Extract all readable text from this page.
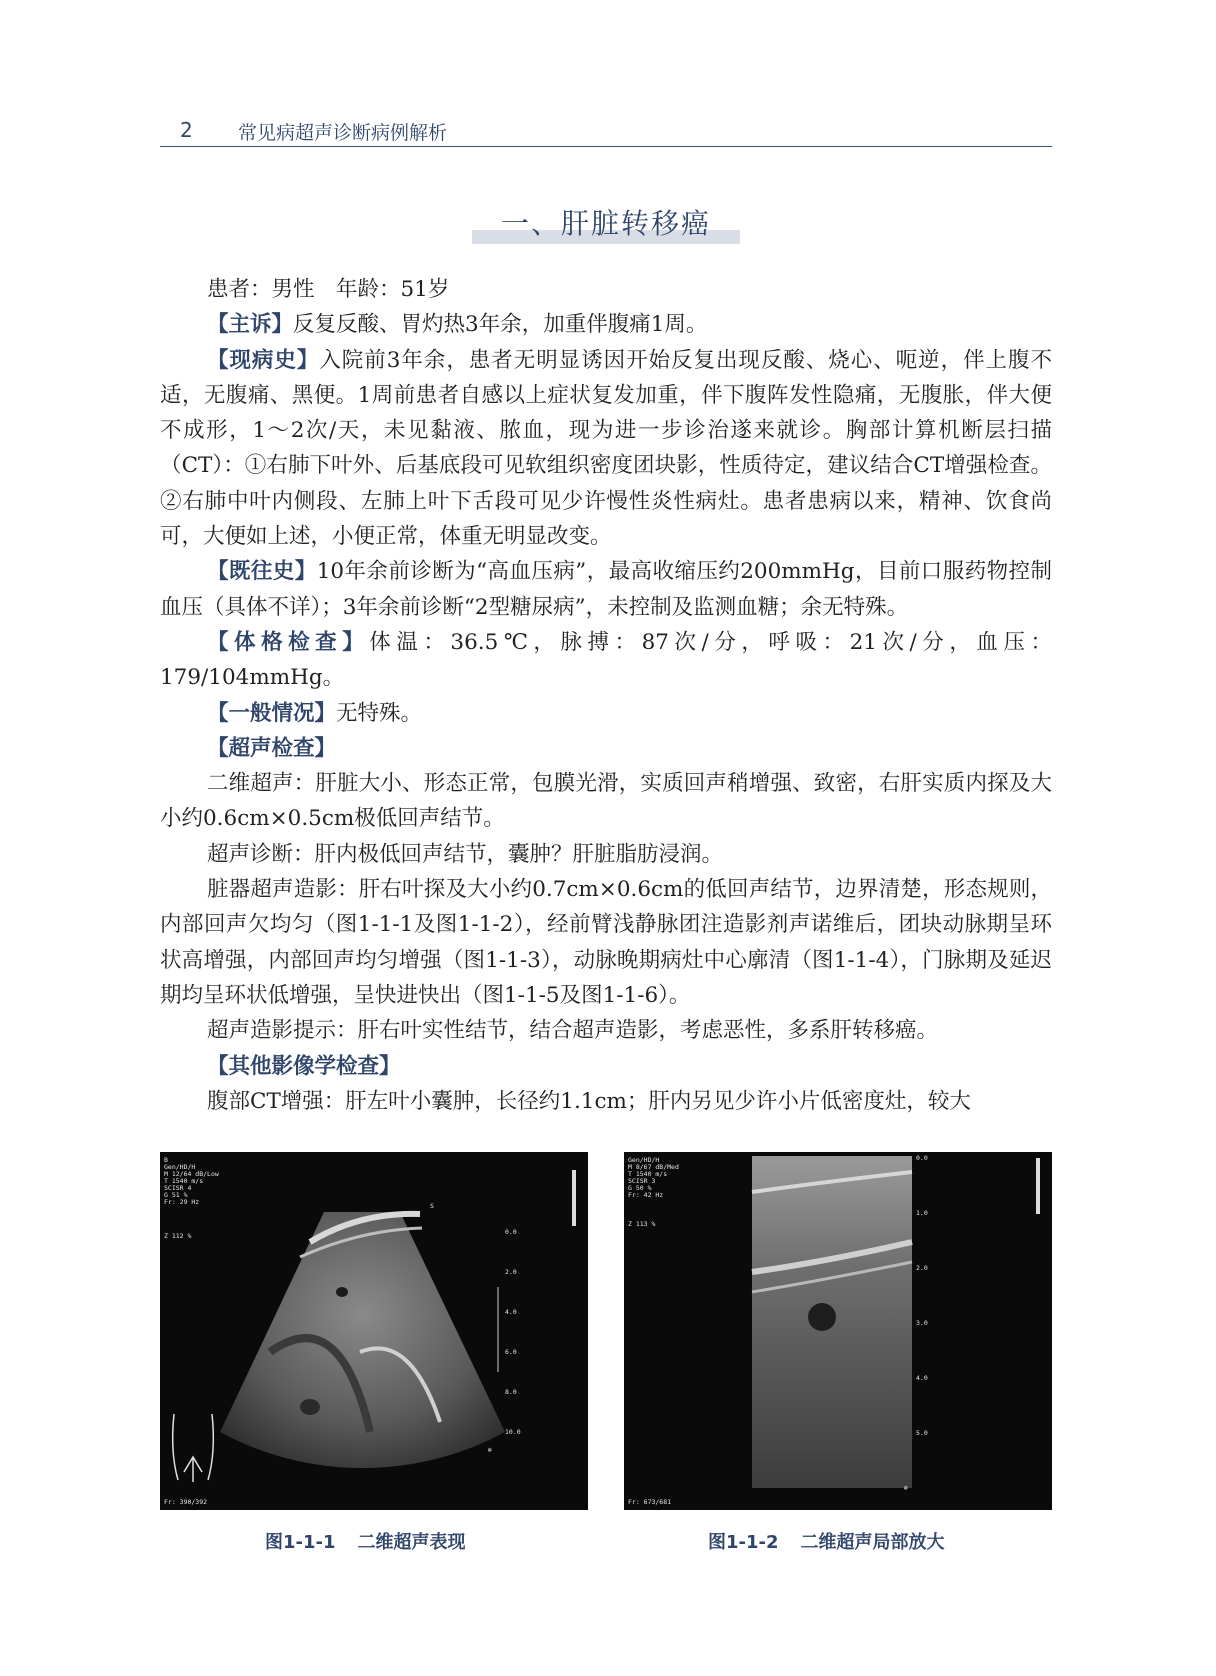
2 常见病超声诊断病例解析
一、肝脏转移癌

患者：男性　年龄：51岁

【主诉】反复反酸、胃灼热3年余，加重伴腹痛1周。

【现病史】入院前3年余，患者无明显诱因开始反复出现反酸、烧心、呃逆，伴上腹不适，无腹痛、黑便。1周前患者自感以上症状复发加重，伴下腹阵发性隐痛，无腹胀，伴大便不成形，1～2次/天，未见黏液、脓血，现为进一步诊治遂来就诊。胸部计算机断层扫描（CT）：①右肺下叶外、后基底段可见软组织密度团块影，性质待定，建议结合CT增强检查。②右肺中叶内侧段、左肺上叶下舌段可见少许慢性炎性病灶。患者患病以来，精神、饮食尚可，大便如上述，小便正常，体重无明显改变。

【既往史】10年余前诊断为“高血压病”，最高收缩压约200mmHg，目前口服药物控制血压（具体不详）；3年余前诊断“2型糖尿病”，未控制及监测血糖；余无特殊。

【体格检查】体温：36.5℃，脉搏：87次/分，呼吸：21次/分，血压：179/104mmHg。

【一般情况】无特殊。

【超声检查】

二维超声：肝脏大小、形态正常，包膜光滑，实质回声稍增强、致密，右肝实质内探及大小约0.6cm×0.5cm极低回声结节。

超声诊断：肝内极低回声结节，囊肿？肝脏脂肪浸润。

脏器超声造影：肝右叶探及大小约0.7cm×0.6cm的低回声结节，边界清楚，形态规则，内部回声欠均匀（图1-1-1及图1-1-2），经前臂浅静脉团注造影剂声诺维后，团块动脉期呈环状高增强，内部回声均匀增强（图1-1-3），动脉晚期病灶中心廓清（图1-1-4），门脉期及延迟期均呈环状低增强，呈快进快出（图1-1-5及图1-1-6）。

超声造影提示：肝右叶实性结节，结合超声造影，考虑恶性，多系肝转移癌。

【其他影像学检查】

腹部CT增强：肝左叶小囊肿，长径约1.1cm；肝内另见少许小片低密度灶，较大

B
Gen/HD/H
M 12/64 dB/Low
T 1540 m/s
SCISR 4
G 51 %
Fr: 29 Hz
Z 112 %	0.0
2.0
4.0
6.0
8.0
10.0
S
❄
Fr: 390/392
Gen/HD/H
M 8/67 dB/Med
T 1540 m/s
SCISR 3
G 50 %
Fr: 42 Hz
Z 113 %
0.0
1.0
2.0
3.0
4.0
5.0
❄
Fr: 673/681
图1-1-1 二维超声表现	图1-1-2 二维超声局部放大
